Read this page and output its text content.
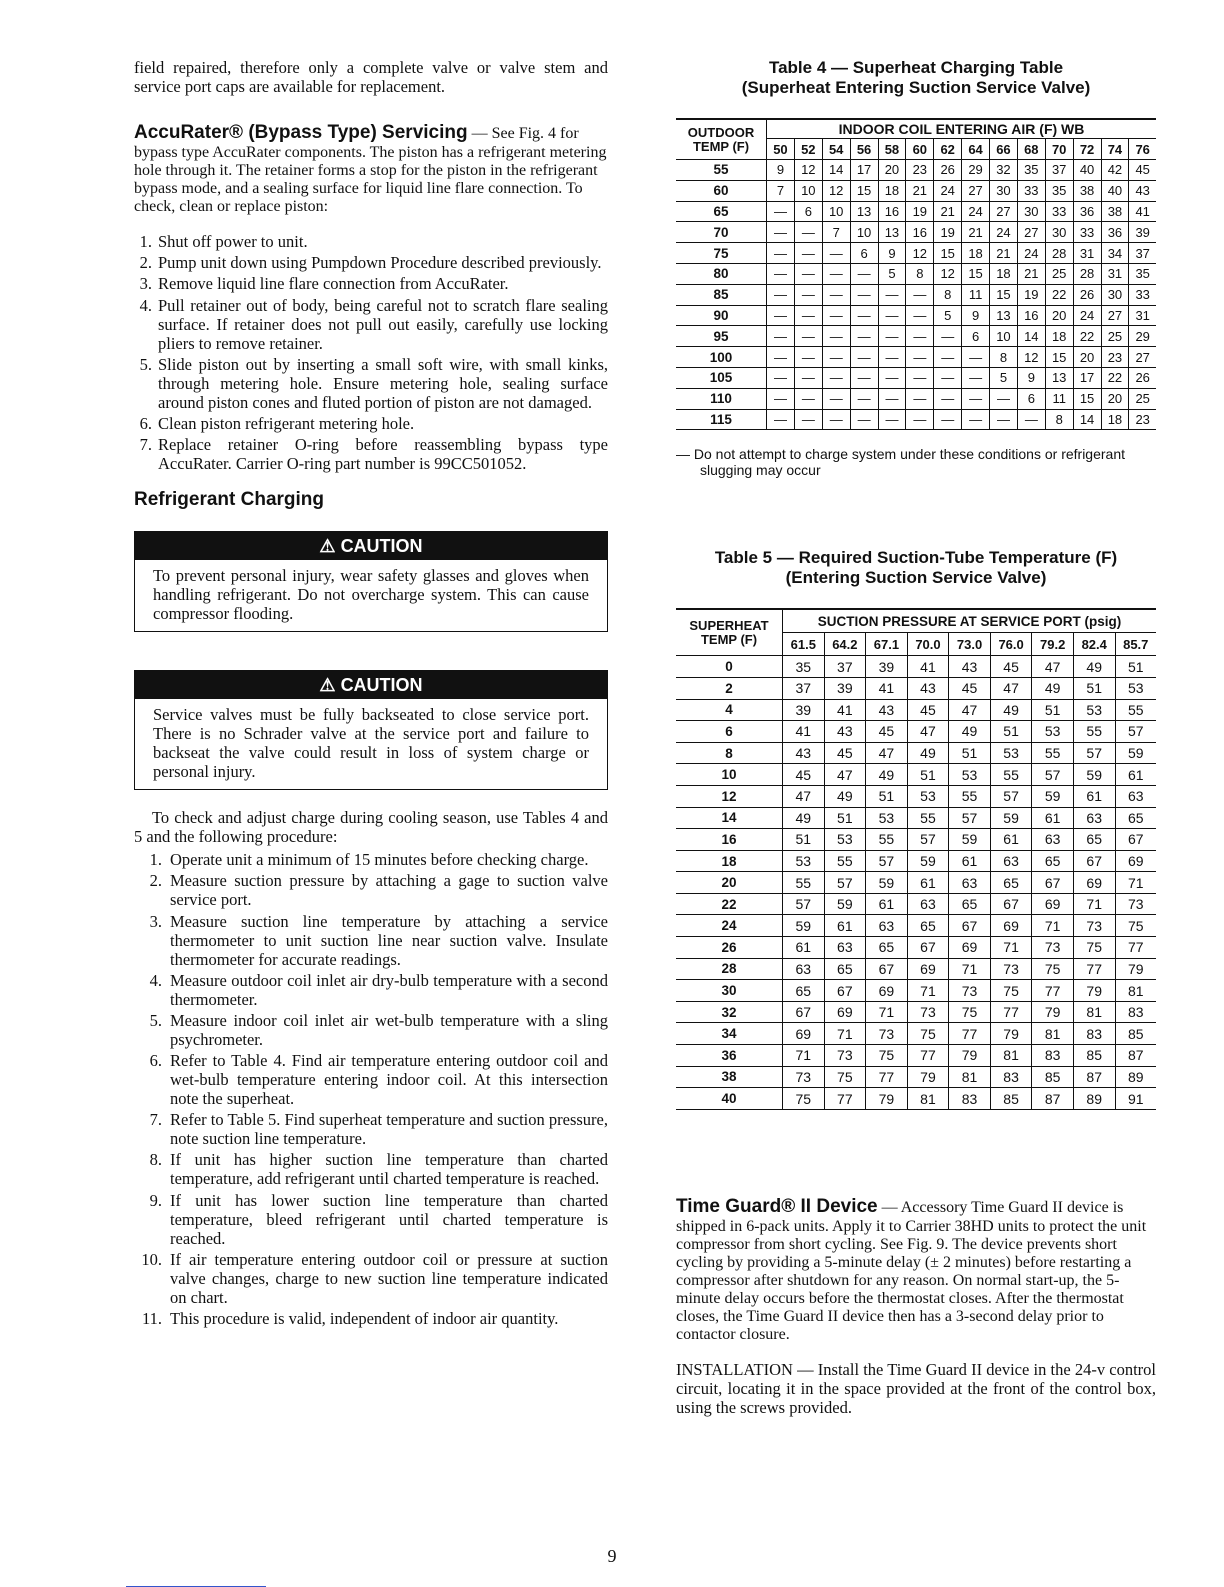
field repaired, therefore only a complete valve or valve stem and service port caps are available for replacement.

AccuRater® (Bypass Type) Servicing — See Fig. 4 for bypass type AccuRater components. The piston has a refrigerant metering hole through it. The retainer forms a stop for the piston in the refrigerant bypass mode, and a sealing surface for liquid line flare connection. To check, clean or replace piston:

1. Shut off power to unit.
2. Pump unit down using Pumpdown Procedure described previously.
3. Remove liquid line flare connection from AccuRater.
4. Pull retainer out of body, being careful not to scratch flare sealing surface. If retainer does not pull out easily, carefully use locking pliers to remove retainer.
5. Slide piston out by inserting a small soft wire, with small kinks, through metering hole. Ensure metering hole, sealing surface around piston cones and fluted portion of piston are not damaged.
6. Clean piston refrigerant metering hole.
7. Replace retainer O-ring before reassembling bypass type AccuRater. Carrier O-ring part number is 99CC501052.
Refrigerant Charging
⚠ CAUTION
To prevent personal injury, wear safety glasses and gloves when handling refrigerant. Do not overcharge system. This can cause compressor flooding.
⚠ CAUTION
Service valves must be fully backseated to close service port. There is no Schrader valve at the service port and failure to backseat the valve could result in loss of system charge or personal injury.

To check and adjust charge during cooling season, use Tables 4 and 5 and the following procedure:

1. Operate unit a minimum of 15 minutes before checking charge.
2. Measure suction pressure by attaching a gage to suction valve service port.
3. Measure suction line temperature by attaching a service thermometer to unit suction line near suction valve. Insulate thermometer for accurate readings.
4. Measure outdoor coil inlet air dry-bulb temperature with a second thermometer.
5. Measure indoor coil inlet air wet-bulb temperature with a sling psychrometer.
6. Refer to Table 4. Find air temperature entering outdoor coil and wet-bulb temperature entering indoor coil. At this intersection note the superheat.
7. Refer to Table 5. Find superheat temperature and suction pressure, note suction line temperature.
8. If unit has higher suction line temperature than charted temperature, add refrigerant until charted temperature is reached.
9. If unit has lower suction line temperature than charted temperature, bleed refrigerant until charted temperature is reached.
10. If air temperature entering outdoor coil or pressure at suction valve changes, charge to new suction line temperature indicated on chart.
11. This procedure is valid, independent of indoor air quantity.
Table 4 — Superheat Charging Table
(Superheat Entering Suction Service Valve)
OUTDOOR
TEMP (F)	INDOOR COIL ENTERING AIR (F) WB													
	50	52	54	56	58	60	62	64	66	68	70	72	74	76
55	9	12	14	17	20	23	26	29	32	35	37	40	42	45
60	7	10	12	15	18	21	24	27	30	33	35	38	40	43
65	—	6	10	13	16	19	21	24	27	30	33	36	38	41
70	—	—	7	10	13	16	19	21	24	27	30	33	36	39
75	—	—	—	6	9	12	15	18	21	24	28	31	34	37
80	—	—	—	—	5	8	12	15	18	21	25	28	31	35
85	—	—	—	—	—	—	8	11	15	19	22	26	30	33
90	—	—	—	—	—	—	5	9	13	16	20	24	27	31
95	—	—	—	—	—	—	—	6	10	14	18	22	25	29
100	—	—	—	—	—	—	—	—	8	12	15	20	23	27
105	—	—	—	—	—	—	—	—	5	9	13	17	22	26
110	—	—	—	—	—	—	—	—	—	6	11	15	20	25
115	—	—	—	—	—	—	—	—	—	—	8	14	18	23

— Do not attempt to charge system under these conditions or refrigerant slugging may occur

Table 5 — Required Suction-Tube Temperature (F)
(Entering Suction Service Valve)
SUPERHEAT
TEMP (F)	SUCTION PRESSURE AT SERVICE PORT (psig)								
	61.5	64.2	67.1	70.0	73.0	76.0	79.2	82.4	85.7
0	35	37	39	41	43	45	47	49	51
2	37	39	41	43	45	47	49	51	53
4	39	41	43	45	47	49	51	53	55
6	41	43	45	47	49	51	53	55	57
8	43	45	47	49	51	53	55	57	59
10	45	47	49	51	53	55	57	59	61
12	47	49	51	53	55	57	59	61	63
14	49	51	53	55	57	59	61	63	65
16	51	53	55	57	59	61	63	65	67
18	53	55	57	59	61	63	65	67	69
20	55	57	59	61	63	65	67	69	71
22	57	59	61	63	65	67	69	71	73
24	59	61	63	65	67	69	71	73	75
26	61	63	65	67	69	71	73	75	77
28	63	65	67	69	71	73	75	77	79
30	65	67	69	71	73	75	77	79	81
32	67	69	71	73	75	77	79	81	83
34	69	71	73	75	77	79	81	83	85
36	71	73	75	77	79	81	83	85	87
38	73	75	77	79	81	83	85	87	89
40	75	77	79	81	83	85	87	89	91

Time Guard® II Device — Accessory Time Guard II device is shipped in 6-pack units. Apply it to Carrier 38HD units to protect the unit compressor from short cycling. See Fig. 9. The device prevents short cycling by providing a 5-minute delay (± 2 minutes) before restarting a compressor after shutdown for any reason. On normal start-up, the 5-minute delay occurs before the thermostat closes. After the thermostat closes, the Time Guard II device then has a 3-second delay prior to contactor closure.

INSTALLATION — Install the Time Guard II device in the 24-v control circuit, locating it in the space provided at the front of the control box, using the screws provided.

9
